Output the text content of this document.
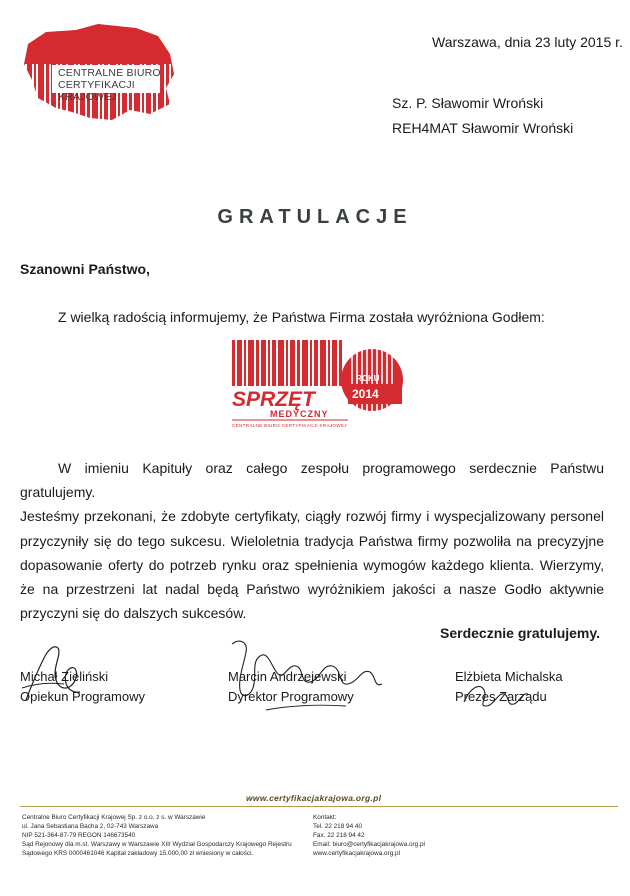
CENTRALNE BIURO
CERTYFIKACJI KRAJOWEJ
Warszawa, dnia 23 luty 2015 r.
Sz. P. Sławomir Wroński
REH4MAT Sławomir Wroński
GRATULACJE
Szanowni Państwo,
Z wielką radością informujemy, że Państwa Firma została wyróżniona Godłem:
ROKU
2014
SPRZĘT
MEDYCZNY
CENTRALNE BIURO CERTYFIKACJI KRAJOWEJ
W imieniu Kapituły oraz całego zespołu programowego serdecznie Państwu gratulujemy.
Jesteśmy przekonani, że zdobyte certyfikaty, ciągły rozwój firmy i wyspecjalizowany personel przyczyniły się do tego sukcesu. Wieloletnia tradycja Państwa firmy pozwoliła na precyzyjne dopasowanie oferty do potrzeb rynku oraz spełnienia wymogów każdego klienta. Wierzymy, że na przestrzeni lat nadal będą Państwo wyróżnikiem jakości a nasze Godło aktywnie przyczyni się do dalszych sukcesów.
Serdecznie gratulujemy.
Michał Zieliński
Opiekun Programowy
Marcin Andrzejewski
Dyrektor Programowy
Elżbieta Michalska
Prezes Zarządu
www.certyfikacjakrajowa.org.pl
Centralne Biuro Certyfikacji Krajowej Sp. z o.o. z s. w Warszawie
ul. Jana Sebastiana Bacha 2, 02-743 Warszawa
NIP 521-364-87-79 REGON 146673540
Sąd Rejonowy dla m.st. Warszawy w Warszawie XIII Wydział Gospodarczy Krajowego Rejestru
Sądowego KRS 0000461046 Kapitał zakładowy 15.000,00 zł wniesiony w całości.
Kontakt:
Tel. 22 218 94 40
Fax. 22 218 94 42
Email: biuro@certyfikacjakrajowa.org.pl
www.certyfikacjakrajowa.org.pl
